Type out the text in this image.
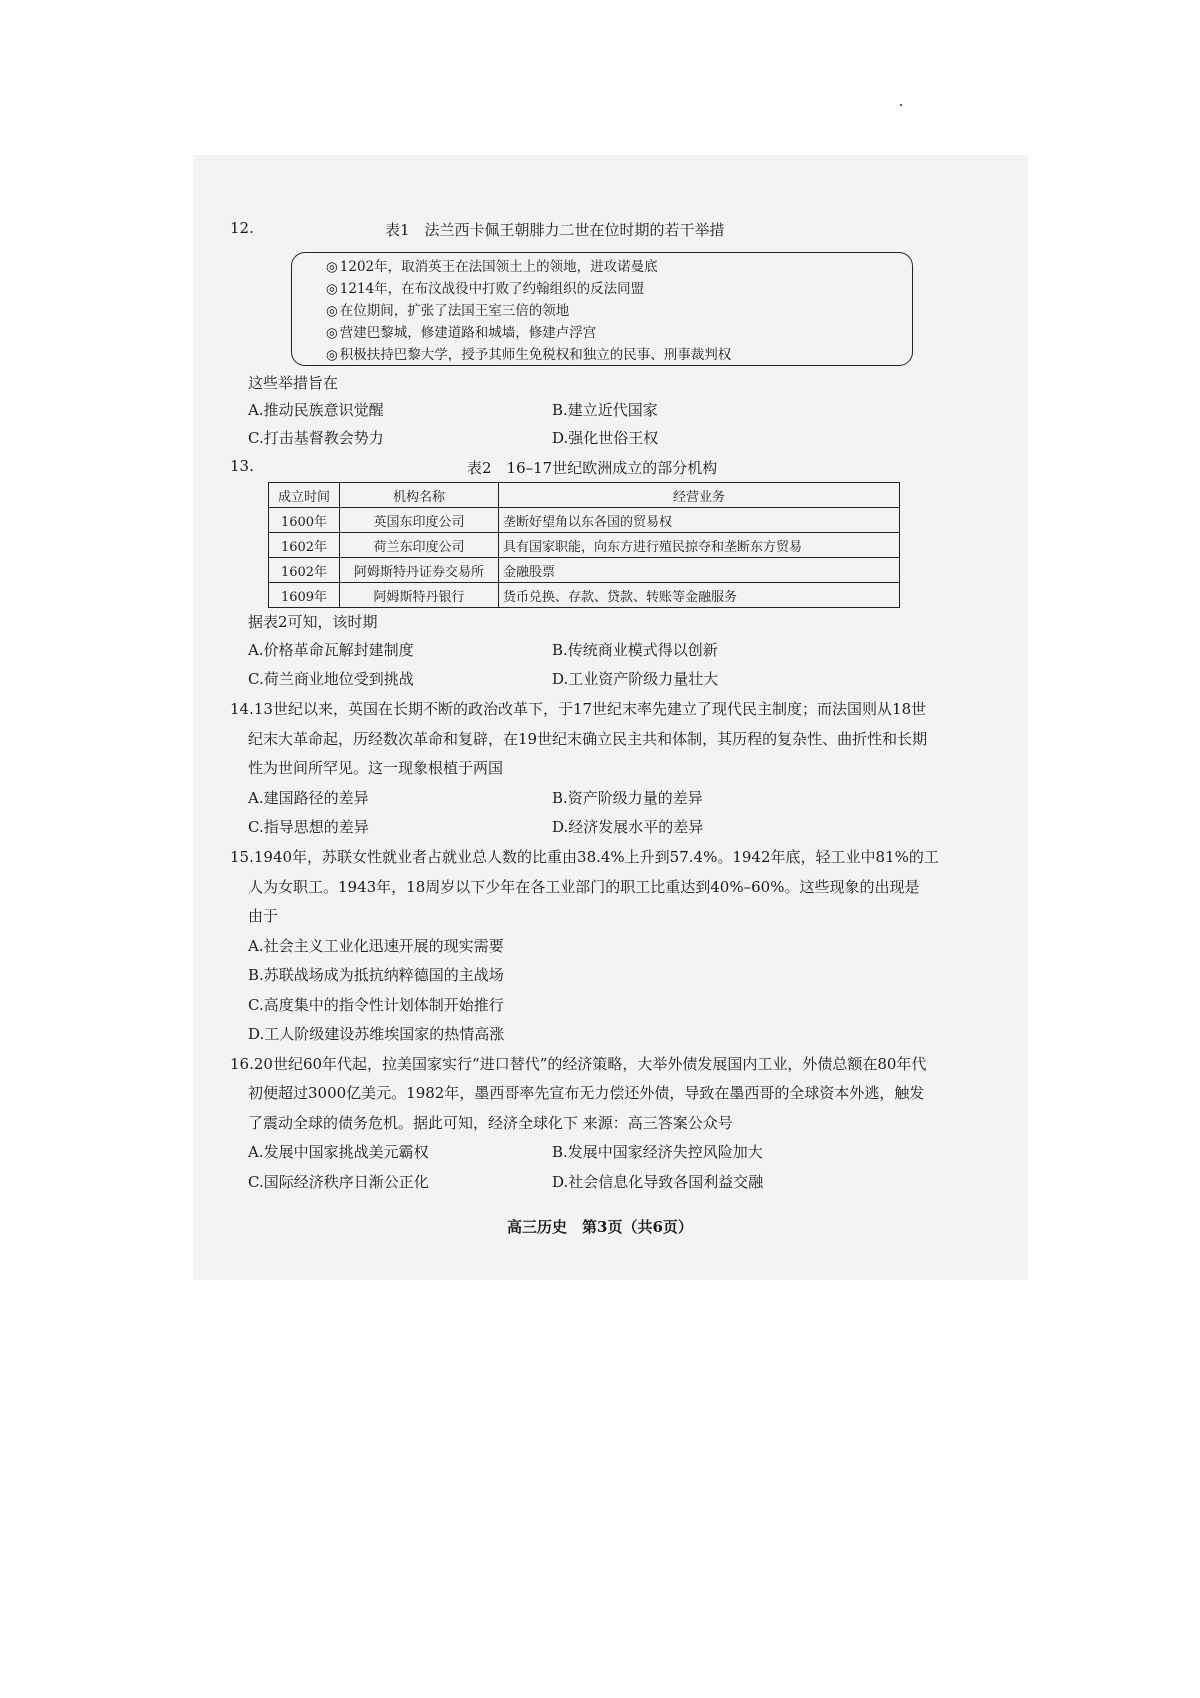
12.	表1　法兰西卡佩王朝腓力二世在位时期的若干举措
◎ 1202年，取消英王在法国领土上的领地，进攻诺曼底
◎ 1214年，在布汶战役中打败了约翰组织的反法同盟
◎ 在位期间，扩张了法国王室三倍的领地
◎ 营建巴黎城，修建道路和城墙，修建卢浮宫
◎ 积极扶持巴黎大学，授予其师生免税权和独立的民事、刑事裁判权
这些举措旨在
A.推动民族意识觉醒	B.建立近代国家
C.打击基督教会势力	D.强化世俗王权
13.	表2　16–17世纪欧洲成立的部分机构
成立时间	机构名称	经营业务
1600年	英国东印度公司	垄断好望角以东各国的贸易权
1602年	荷兰东印度公司	具有国家职能，向东方进行殖民掠夺和垄断东方贸易
1602年	阿姆斯特丹证券交易所	金融股票
1609年	阿姆斯特丹银行	货币兑换、存款、贷款、转账等金融服务
据表2可知，该时期
A.价格革命瓦解封建制度	B.传统商业模式得以创新
C.荷兰商业地位受到挑战	D.工业资产阶级力量壮大
14.13世纪以来，英国在长期不断的政治改革下，于17世纪末率先建立了现代民主制度；而法国则从18世
纪末大革命起，历经数次革命和复辟，在19世纪末确立民主共和体制，其历程的复杂性、曲折性和长期
性为世间所罕见。这一现象根植于两国
A.建国路径的差异	B.资产阶级力量的差异
C.指导思想的差异	D.经济发展水平的差异
15.1940年，苏联女性就业者占就业总人数的比重由38.4%上升到57.4%。1942年底，轻工业中81%的工
人为女职工。1943年，18周岁以下少年在各工业部门的职工比重达到40%–60%。这些现象的出现是
由于
A.社会主义工业化迅速开展的现实需要
B.苏联战场成为抵抗纳粹德国的主战场
C.高度集中的指令性计划体制开始推行
D.工人阶级建设苏维埃国家的热情高涨
16.20世纪60年代起，拉美国家实行“进口替代”的经济策略，大举外债发展国内工业，外债总额在80年代
初便超过3000亿美元。1982年，墨西哥率先宣布无力偿还外债，导致在墨西哥的全球资本外逃，触发
了震动全球的债务危机。据此可知，经济全球化下 来源：高三答案公众号
A.发展中国家挑战美元霸权	B.发展中国家经济失控风险加大
C.国际经济秩序日渐公正化	D.社会信息化导致各国利益交融
高三历史　第3页（共6页）
